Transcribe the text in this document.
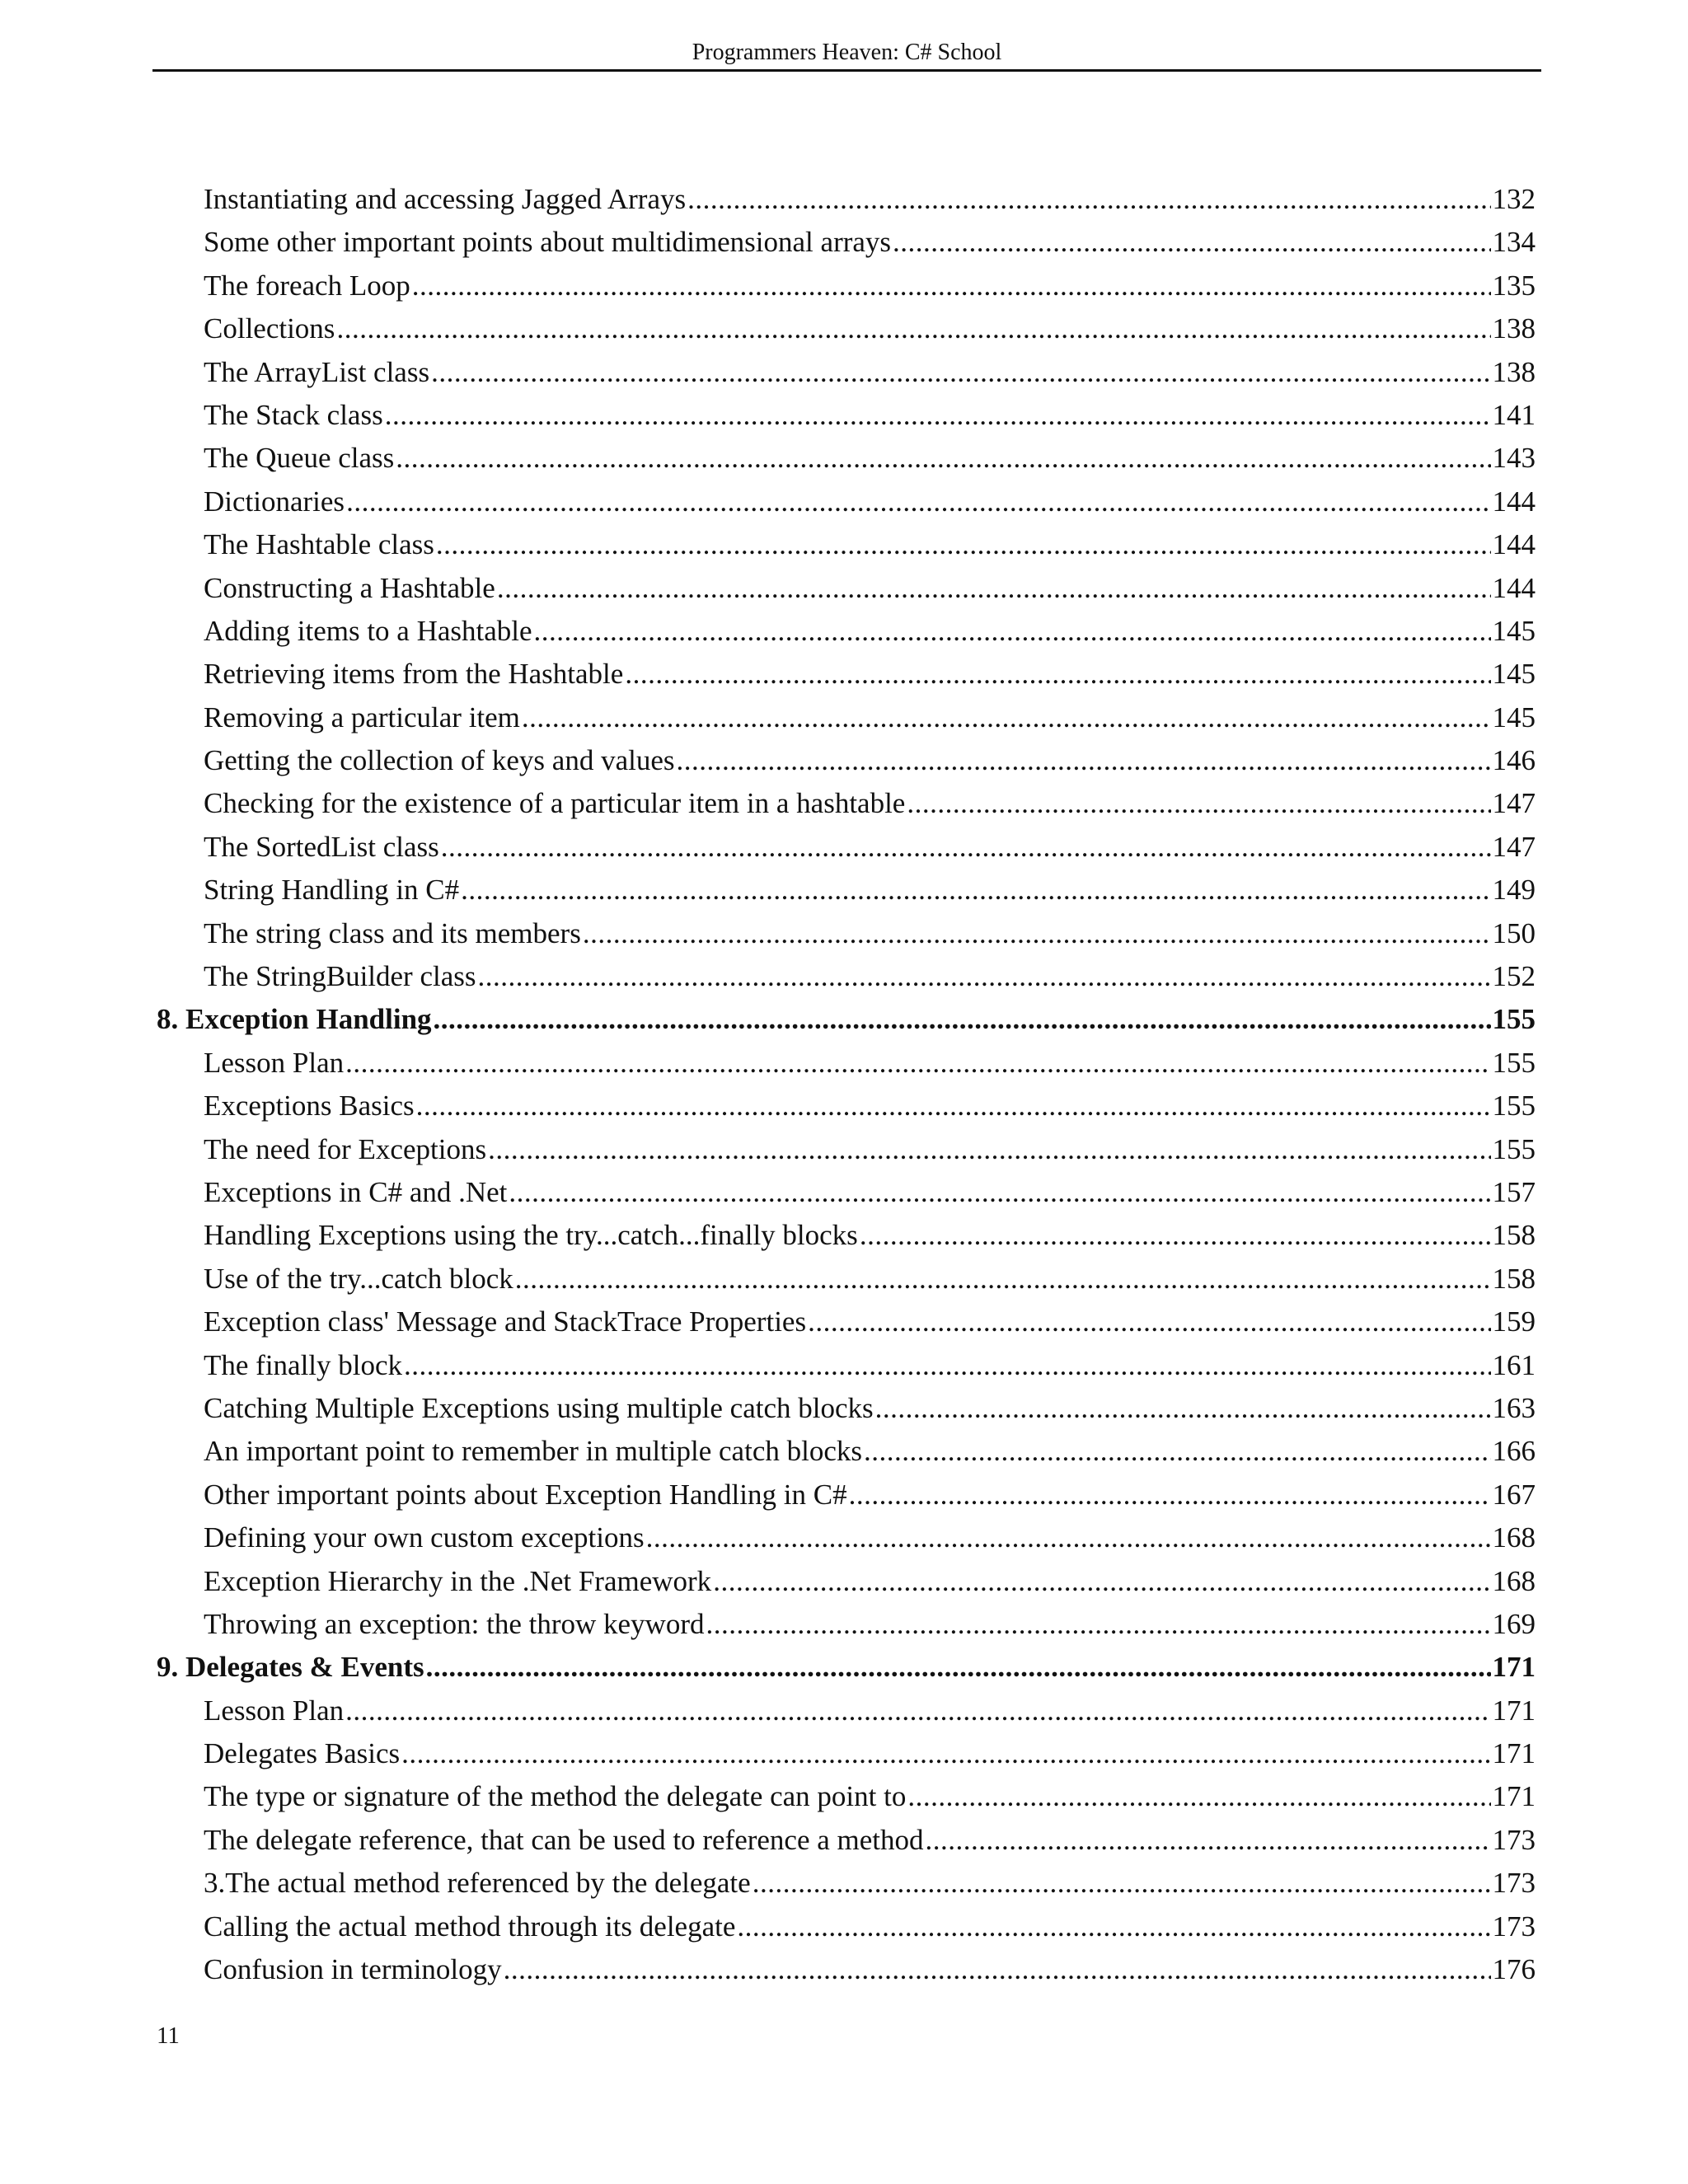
Programmers Heaven: C# School
Instantiating and accessing Jagged Arrays .....	132
Some other important points about multidimensional arrays .....	134
The foreach Loop .....	135
Collections .....	138
The ArrayList class .....	138
The Stack class .....	141
The Queue class .....	143
Dictionaries .....	144
The Hashtable class .....	144
Constructing a Hashtable .....	144
Adding items to a Hashtable .....	145
Retrieving items from the Hashtable .....	145
Removing a particular item .....	145
Getting the collection of keys and values .....	146
Checking for the existence of a particular item in a hashtable .....	147
The SortedList class .....	147
String Handling in C# .....	149
The string class and its members .....	150
The StringBuilder class .....	152
8. Exception Handling .....	155
Lesson Plan .....	155
Exceptions Basics .....	155
The need for Exceptions .....	155
Exceptions in C# and .Net .....	157
Handling Exceptions using the try...catch...finally blocks .....	158
Use of the try...catch block .....	158
Exception class' Message and StackTrace Properties .....	159
The finally block .....	161
Catching Multiple Exceptions using multiple catch blocks .....	163
An important point to remember in multiple catch blocks .....	166
Other important points about Exception Handling in C# .....	167
Defining your own custom exceptions .....	168
Exception Hierarchy in the .Net Framework .....	168
Throwing an exception: the throw keyword .....	169
9. Delegates & Events .....	171
Lesson Plan .....	171
Delegates Basics .....	171
The type or signature of the method the delegate can point to .....	171
The delegate reference, that can be used to reference a method .....	173
3.The actual method referenced by the delegate .....	173
Calling the actual method through its delegate .....	173
Confusion in terminology .....	176
11
